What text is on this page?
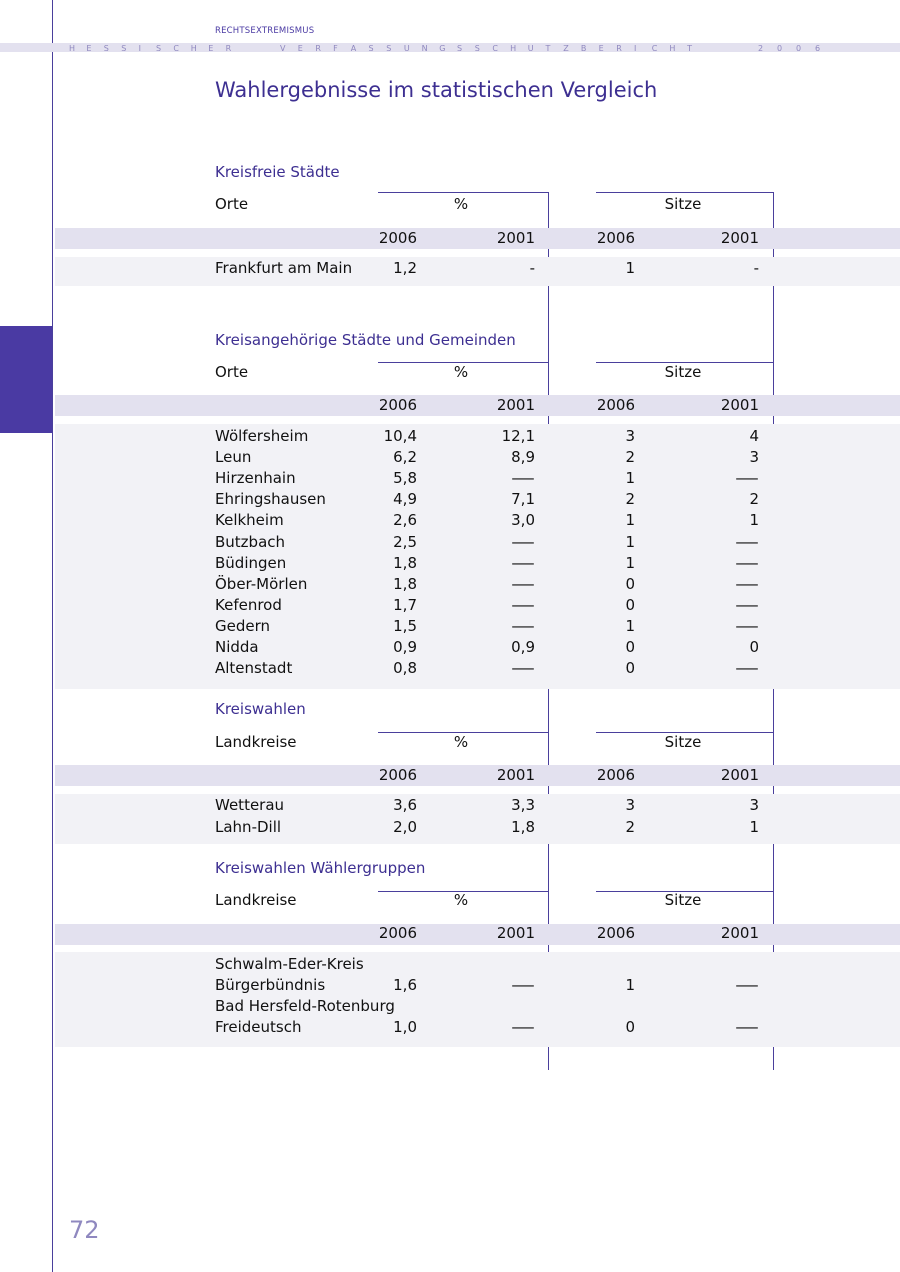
RECHTSEXTREMISMUS
H E S S I S C H E R	V E R F A S S U N G S S C H U T Z B E R I C H T	2 0 0 6
Wahlergebnisse im statistischen Vergleich
Kreisfreie Städte
Orte	%	Sitze
2006	2001	2006	2001
Frankfurt am Main	1,2	-	1	-
Kreisangehörige Städte und Gemeinden
Orte	%	Sitze
2006	2001	2006	2001
Wölfersheim	10,4	12,1	3	4
Leun	6,2	8,9	2	3
Hirzenhain	5,8	—	1	—
Ehringshausen	4,9	7,1	2	2
Kelkheim	2,6	3,0	1	1
Butzbach	2,5	—	1	—
Büdingen	1,8	—	1	—
Öber-Mörlen	1,8	—	0	—
Kefenrod	1,7	—	0	—
Gedern	1,5	—	1	—
Nidda	0,9	0,9	0	0
Altenstadt	0,8	—	0	—
Kreiswahlen
Landkreise	%	Sitze
2006	2001	2006	2001
Wetterau	3,6	3,3	3	3
Lahn-Dill	2,0	1,8	2	1
Kreiswahlen Wählergruppen
Landkreise	%	Sitze
2006	2001	2006	2001
Schwalm-Eder-Kreis
Bürgerbündnis	1,6	—	1	—
Bad Hersfeld-Rotenburg
Freideutsch	1,0	—	0	—
72
